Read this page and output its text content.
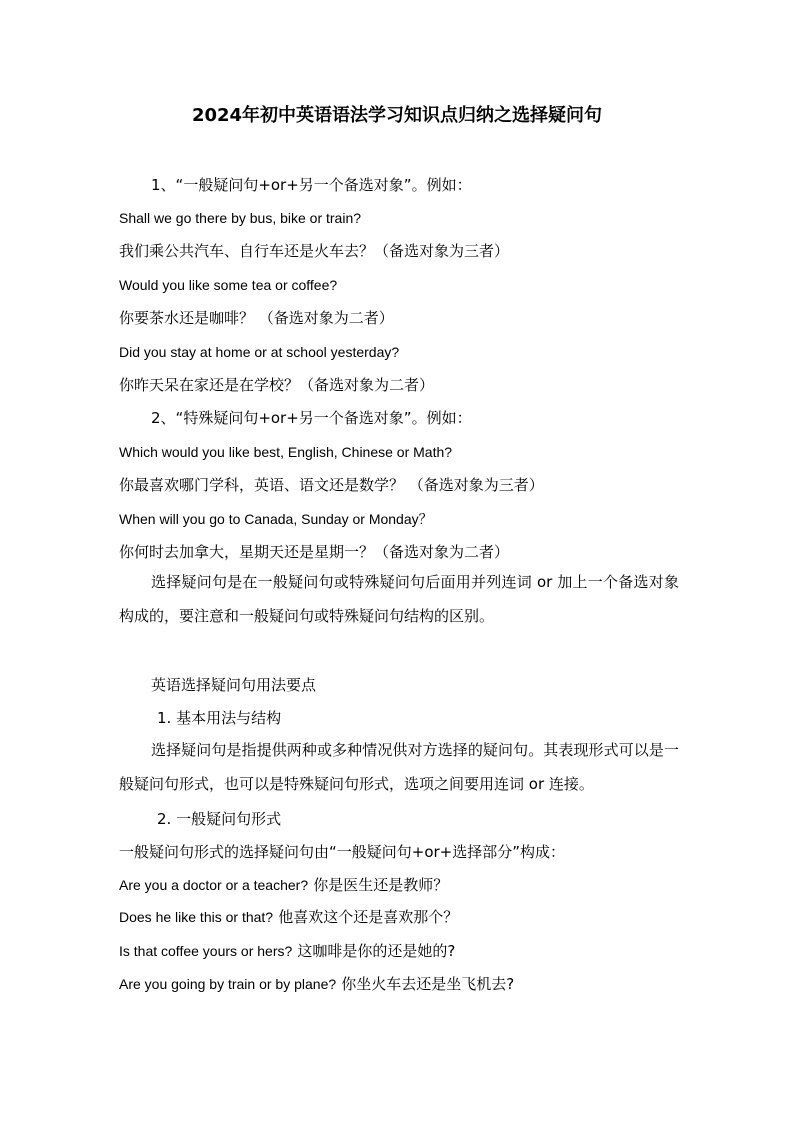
2024年初中英语语法学习知识点归纳之选择疑问句
1、“一般疑问句+or+另一个备选对象”。例如：
Shall we go there by bus, bike or train?
我们乘公共汽车、自行车还是火车去？（备选对象为三者）
Would you like some tea or coffee?
你要茶水还是咖啡？ （备选对象为二者）
Did you stay at home or at school yesterday?
你昨天呆在家还是在学校？（备选对象为二者）
2、“特殊疑问句+or+另一个备选对象”。例如：
Which would you like best, English, Chinese or Math?
你最喜欢哪门学科，英语、语文还是数学？ （备选对象为三者）
When will you go to Canada, Sunday or Monday？
你何时去加拿大，星期天还是星期一？（备选对象为二者）
选择疑问句是在一般疑问句或特殊疑问句后面用并列连词 or 加上一个备选对象构成的，要注意和一般疑问句或特殊疑问句结构的区别。
英语选择疑问句用法要点
1. 基本用法与结构
选择疑问句是指提供两种或多种情况供对方选择的疑问句。其表现形式可以是一般疑问句形式，也可以是特殊疑问句形式，选项之间要用连词 or 连接。
2. 一般疑问句形式
一般疑问句形式的选择疑问句由“一般疑问句+or+选择部分”构成：
Are you a doctor or a teacher? 你是医生还是教师？
Does he like this or that? 他喜欢这个还是喜欢那个？
Is that coffee yours or hers? 这咖啡是你的还是她的?
Are you going by train or by plane? 你坐火车去还是坐飞机去?
